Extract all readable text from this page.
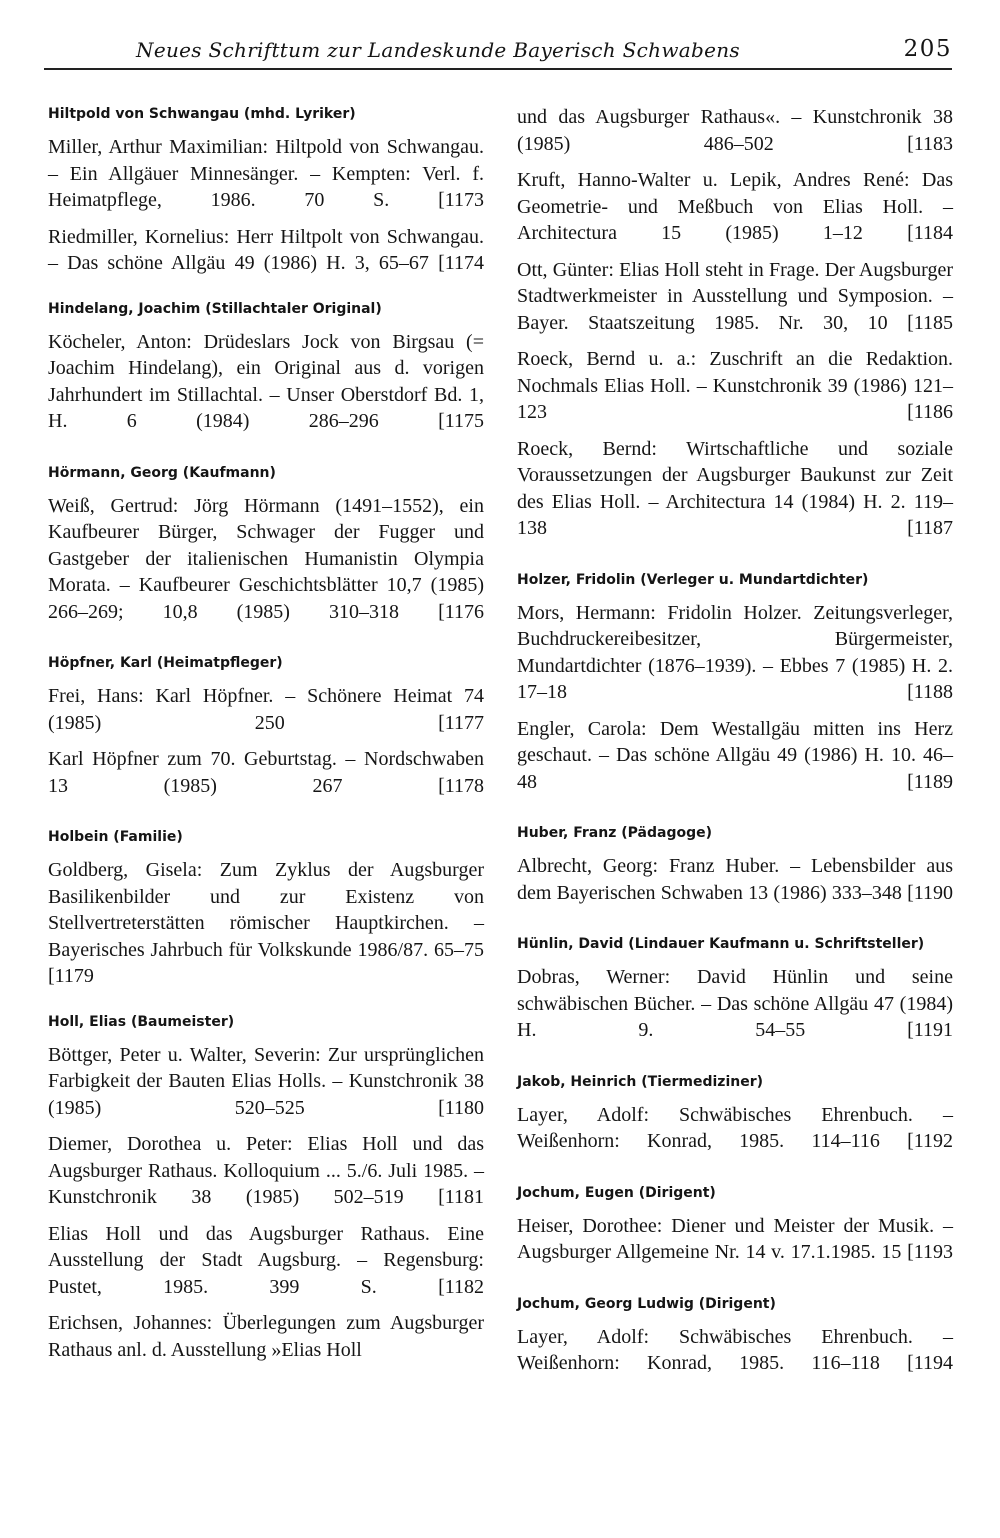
Neues Schrifttum zur Landeskunde Bayerisch Schwabens	205
Hiltpold von Schwangau (mhd. Lyriker)
Miller, Arthur Maximilian: Hiltpold von Schwangau. – Ein Allgäuer Minnesänger. – Kempten: Verl. f. Heimatpflege, 1986. 70 S. [1173
Riedmiller, Kornelius: Herr Hiltpolt von Schwangau. – Das schöne Allgäu 49 (1986) H. 3, 65–67 [1174
Hindelang, Joachim (Stillachtaler Original)
Köcheler, Anton: Drüdeslars Jock von Birgsau (= Joachim Hindelang), ein Original aus d. vorigen Jahrhundert im Stillachtal. – Unser Oberstdorf Bd. 1, H. 6 (1984) 286–296	[1175
Hörmann, Georg (Kaufmann)
Weiß, Gertrud: Jörg Hörmann (1491–1552), ein Kaufbeurer Bürger, Schwager der Fugger und Gastgeber der italienischen Humanistin Olympia Morata. – Kaufbeurer Geschichtsblätter 10,7 (1985) 266–269; 10,8 (1985) 310–318 [1176
Höpfner, Karl (Heimatpfleger)
Frei, Hans: Karl Höpfner. – Schönere Heimat 74 (1985) 250	[1177
Karl Höpfner zum 70. Geburtstag. – Nordschwaben 13 (1985) 267	[1178
Holbein (Familie)
Goldberg, Gisela: Zum Zyklus der Augsburger Basilikenbilder und zur Existenz von Stellvertreterstätten römischer Hauptkirchen. – Bayerisches Jahrbuch für Volkskunde 1986/87. 65–75 [1179
Holl, Elias (Baumeister)
Böttger, Peter u. Walter, Severin: Zur ursprünglichen Farbigkeit der Bauten Elias Holls. – Kunstchronik 38 (1985) 520–525	[1180
Diemer, Dorothea u. Peter: Elias Holl und das Augsburger Rathaus. Kolloquium ... 5./6. Juli 1985. – Kunstchronik 38 (1985) 502–519 [1181
Elias Holl und das Augsburger Rathaus. Eine Ausstellung der Stadt Augsburg. – Regensburg: Pustet, 1985. 399 S.	[1182
Erichsen, Johannes: Überlegungen zum Augsburger Rathaus anl. d. Ausstellung »Elias Holl
und das Augsburger Rathaus«. – Kunstchronik 38 (1985) 486–502	[1183
Kruft, Hanno-Walter u. Lepik, Andres René: Das Geometrie- und Meßbuch von Elias Holl. – Architectura 15 (1985) 1–12 [1184
Ott, Günter: Elias Holl steht in Frage. Der Augsburger Stadtwerkmeister in Ausstellung und Symposion. – Bayer. Staatszeitung 1985. Nr. 30, 10 [1185
Roeck, Bernd u. a.: Zuschrift an die Redaktion. Nochmals Elias Holl. – Kunstchronik 39 (1986) 121–123	[1186
Roeck, Bernd: Wirtschaftliche und soziale Voraussetzungen der Augsburger Baukunst zur Zeit des Elias Holl. – Architectura 14 (1984) H. 2. 119–138	[1187
Holzer, Fridolin (Verleger u. Mundartdichter)
Mors, Hermann: Fridolin Holzer. Zeitungsverleger, Buchdruckereibesitzer, Bürgermeister, Mundartdichter (1876–1939). – Ebbes 7 (1985) H. 2. 17–18	[1188
Engler, Carola: Dem Westallgäu mitten ins Herz geschaut. – Das schöne Allgäu 49 (1986) H. 10. 46–48	[1189
Huber, Franz (Pädagoge)
Albrecht, Georg: Franz Huber. – Lebensbilder aus dem Bayerischen Schwaben 13 (1986) 333–348 [1190
Hünlin, David (Lindauer Kaufmann u. Schriftsteller)
Dobras, Werner: David Hünlin und seine schwäbischen Bücher. – Das schöne Allgäu 47 (1984) H. 9. 54–55	[1191
Jakob, Heinrich (Tiermediziner)
Layer, Adolf: Schwäbisches Ehrenbuch. – Weißenhorn: Konrad, 1985. 114–116 [1192
Jochum, Eugen (Dirigent)
Heiser, Dorothee: Diener und Meister der Musik. – Augsburger Allgemeine Nr. 14 v. 17.1.1985. 15 [1193
Jochum, Georg Ludwig (Dirigent)
Layer, Adolf: Schwäbisches Ehrenbuch. – Weißenhorn: Konrad, 1985. 116–118 [1194
